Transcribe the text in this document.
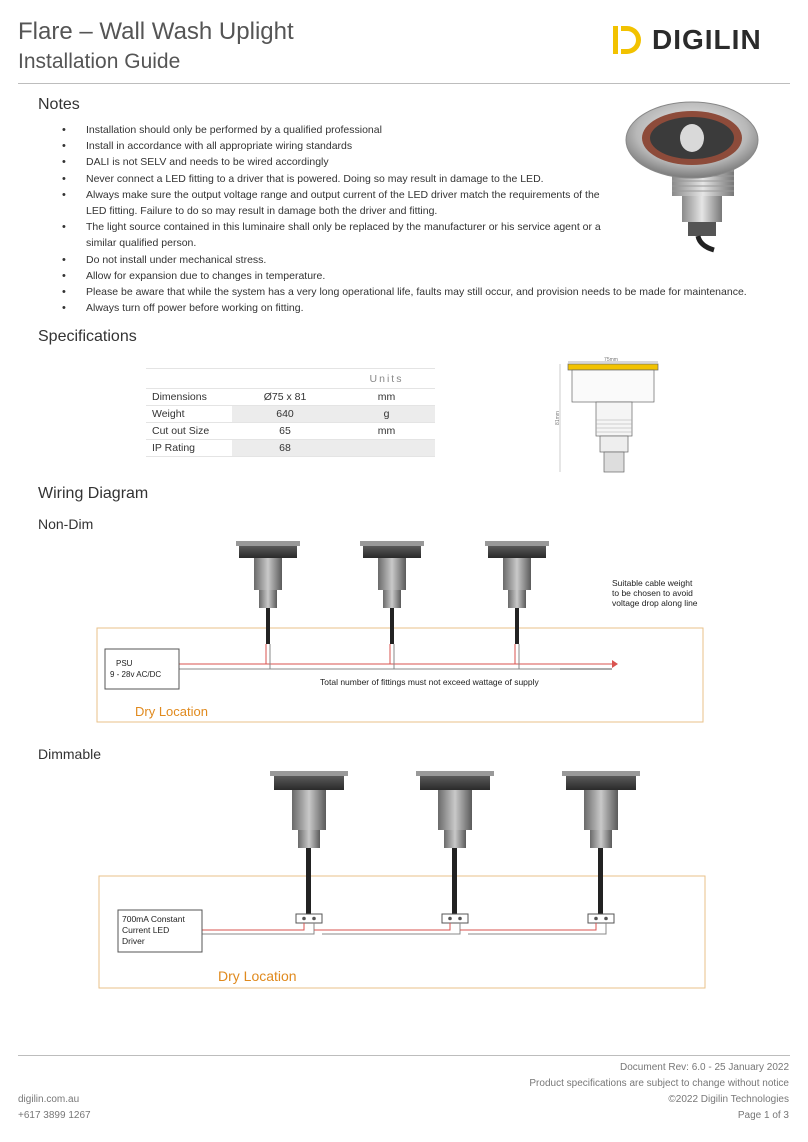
Flare – Wall Wash Uplight
Installation Guide
DIGILIN
Notes
• Installation should only be performed by a qualified professional
• Install in accordance with all appropriate wiring standards
• DALI is not SELV and needs to be wired accordingly
• Never connect a LED fitting to a driver that is powered. Doing so may result in damage to the LED.
• Always make sure the output voltage range and output current of the LED driver match the requirements of the LED fitting. Failure to do so may result in damage both the driver and fitting.
• The light source contained in this luminaire shall only be replaced by the manufacturer or his service agent or a similar qualified person.
• Do not install under mechanical stress.
• Allow for expansion due to changes in temperature.
• Please be aware that while the system has a very long operational life, faults may still occur, and provision needs to be made for maintenance.
• Always turn off power before working on fitting.
Specifications
		Units
Dimensions	Ø75 x 81	mm
Weight	640	g
Cut out Size	65	mm
IP Rating	68	
75mm
81mm
Wiring Diagram
Non-Dim
PSU
9 - 28v AC/DC
Suitable cable weight
to be chosen to avoid
voltage drop along line
Total number of fittings must not exceed wattage of supply
Dry Location
Dimmable
700mA Constant
Current LED
Driver
Dry Location
Document Rev: 6.0 - 25 January 2022
Product specifications are subject to change without notice
digilin.com.au	©2022 Digilin Technologies
+617 3899 1267	Page 1 of 3
